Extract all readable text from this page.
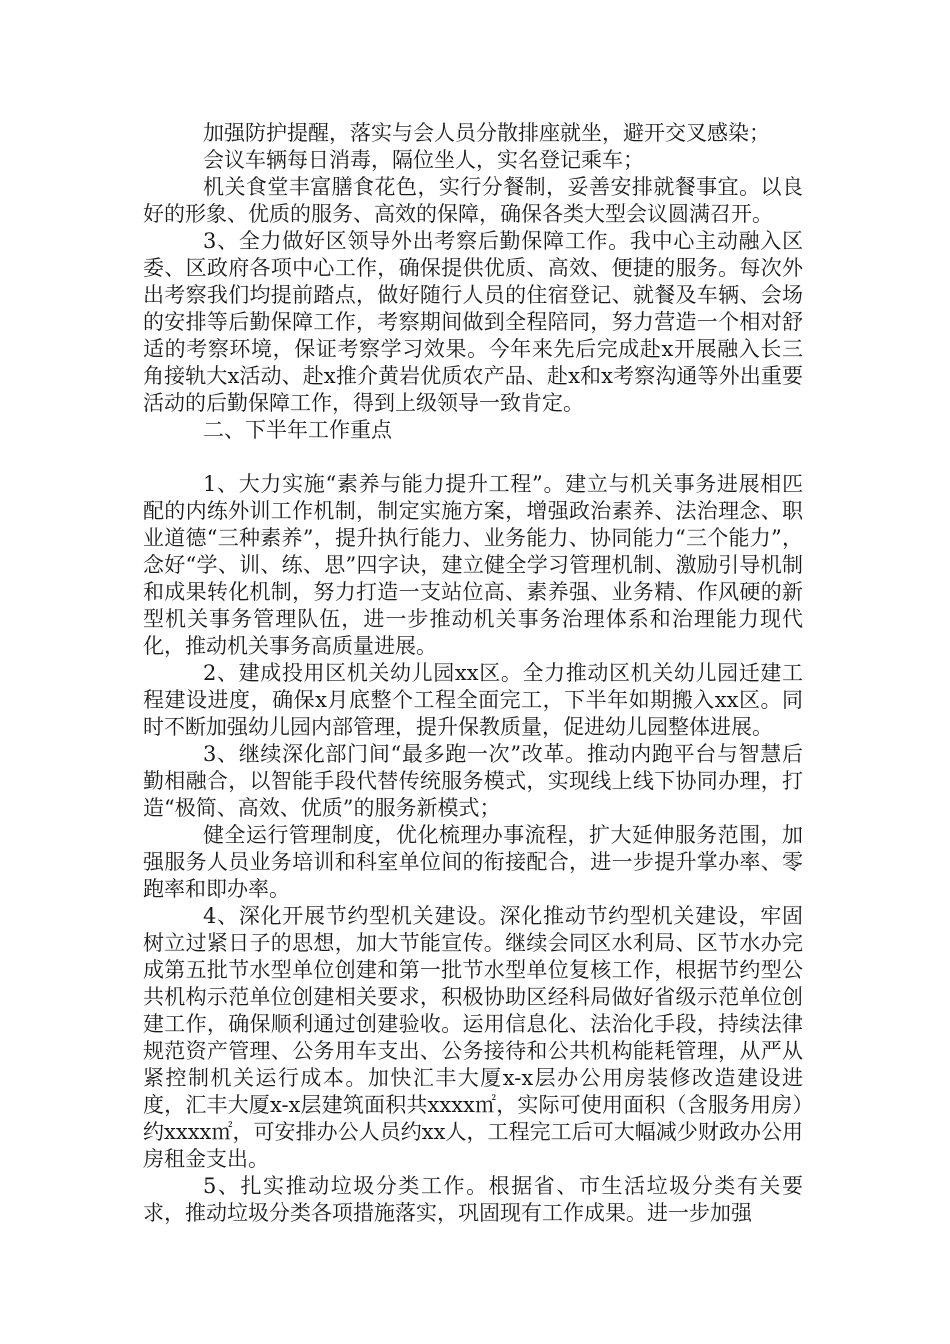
加强防护提醒，落实与会人员分散排座就坐，避开交叉感染；

会议车辆每日消毒，隔位坐人，实名登记乘车；

机关食堂丰富膳食花色，实行分餐制，妥善安排就餐事宜。以良好的形象、优质的服务、高效的保障，确保各类大型会议圆满召开。

3、全力做好区领导外出考察后勤保障工作。我中心主动融入区委、区政府各项中心工作，确保提供优质、高效、便捷的服务。每次外出考察我们均提前踏点，做好随行人员的住宿登记、就餐及车辆、会场的安排等后勤保障工作，考察期间做到全程陪同，努力营造一个相对舒适的考察环境，保证考察学习效果。今年来先后完成赴x开展融入长三角接轨大x活动、赴x推介黄岩优质农产品、赴x和x考察沟通等外出重要活动的后勤保障工作，得到上级领导一致肯定。

二、下半年工作重点

1、大力实施“素养与能力提升工程”。建立与机关事务进展相匹配的内练外训工作机制，制定实施方案，增强政治素养、法治理念、职业道德“三种素养”，提升执行能力、业务能力、协同能力“三个能力”，念好“学、训、练、思”四字诀，建立健全学习管理机制、激励引导机制和成果转化机制，努力打造一支站位高、素养强、业务精、作风硬的新型机关事务管理队伍，进一步推动机关事务治理体系和治理能力现代化，推动机关事务高质量进展。

2、建成投用区机关幼儿园xx区。全力推动区机关幼儿园迁建工程建设进度，确保x月底整个工程全面完工，下半年如期搬入xx区。同时不断加强幼儿园内部管理，提升保教质量，促进幼儿园整体进展。

3、继续深化部门间“最多跑一次”改革。推动内跑平台与智慧后勤相融合，以智能手段代替传统服务模式，实现线上线下协同办理，打造“极简、高效、优质”的服务新模式；

健全运行管理制度，优化梳理办事流程，扩大延伸服务范围，加强服务人员业务培训和科室单位间的衔接配合，进一步提升掌办率、零跑率和即办率。

4、深化开展节约型机关建设。深化推动节约型机关建设，牢固树立过紧日子的思想，加大节能宣传。继续会同区水利局、区节水办完成第五批节水型单位创建和第一批节水型单位复核工作，根据节约型公共机构示范单位创建相关要求，积极协助区经科局做好省级示范单位创建工作，确保顺利通过创建验收。运用信息化、法治化手段，持续法律规范资产管理、公务用车支出、公务接待和公共机构能耗管理，从严从紧控制机关运行成本。加快汇丰大厦x-x层办公用房装修改造建设进度，汇丰大厦x-x层建筑面积共xxxx㎡，实际可使用面积（含服务用房）约xxxx㎡，可安排办公人员约xx人，工程完工后可大幅减少财政办公用房租金支出。

5、扎实推动垃圾分类工作。根据省、市生活垃圾分类有关要求，推动垃圾分类各项措施落实，巩固现有工作成果。进一步加强
